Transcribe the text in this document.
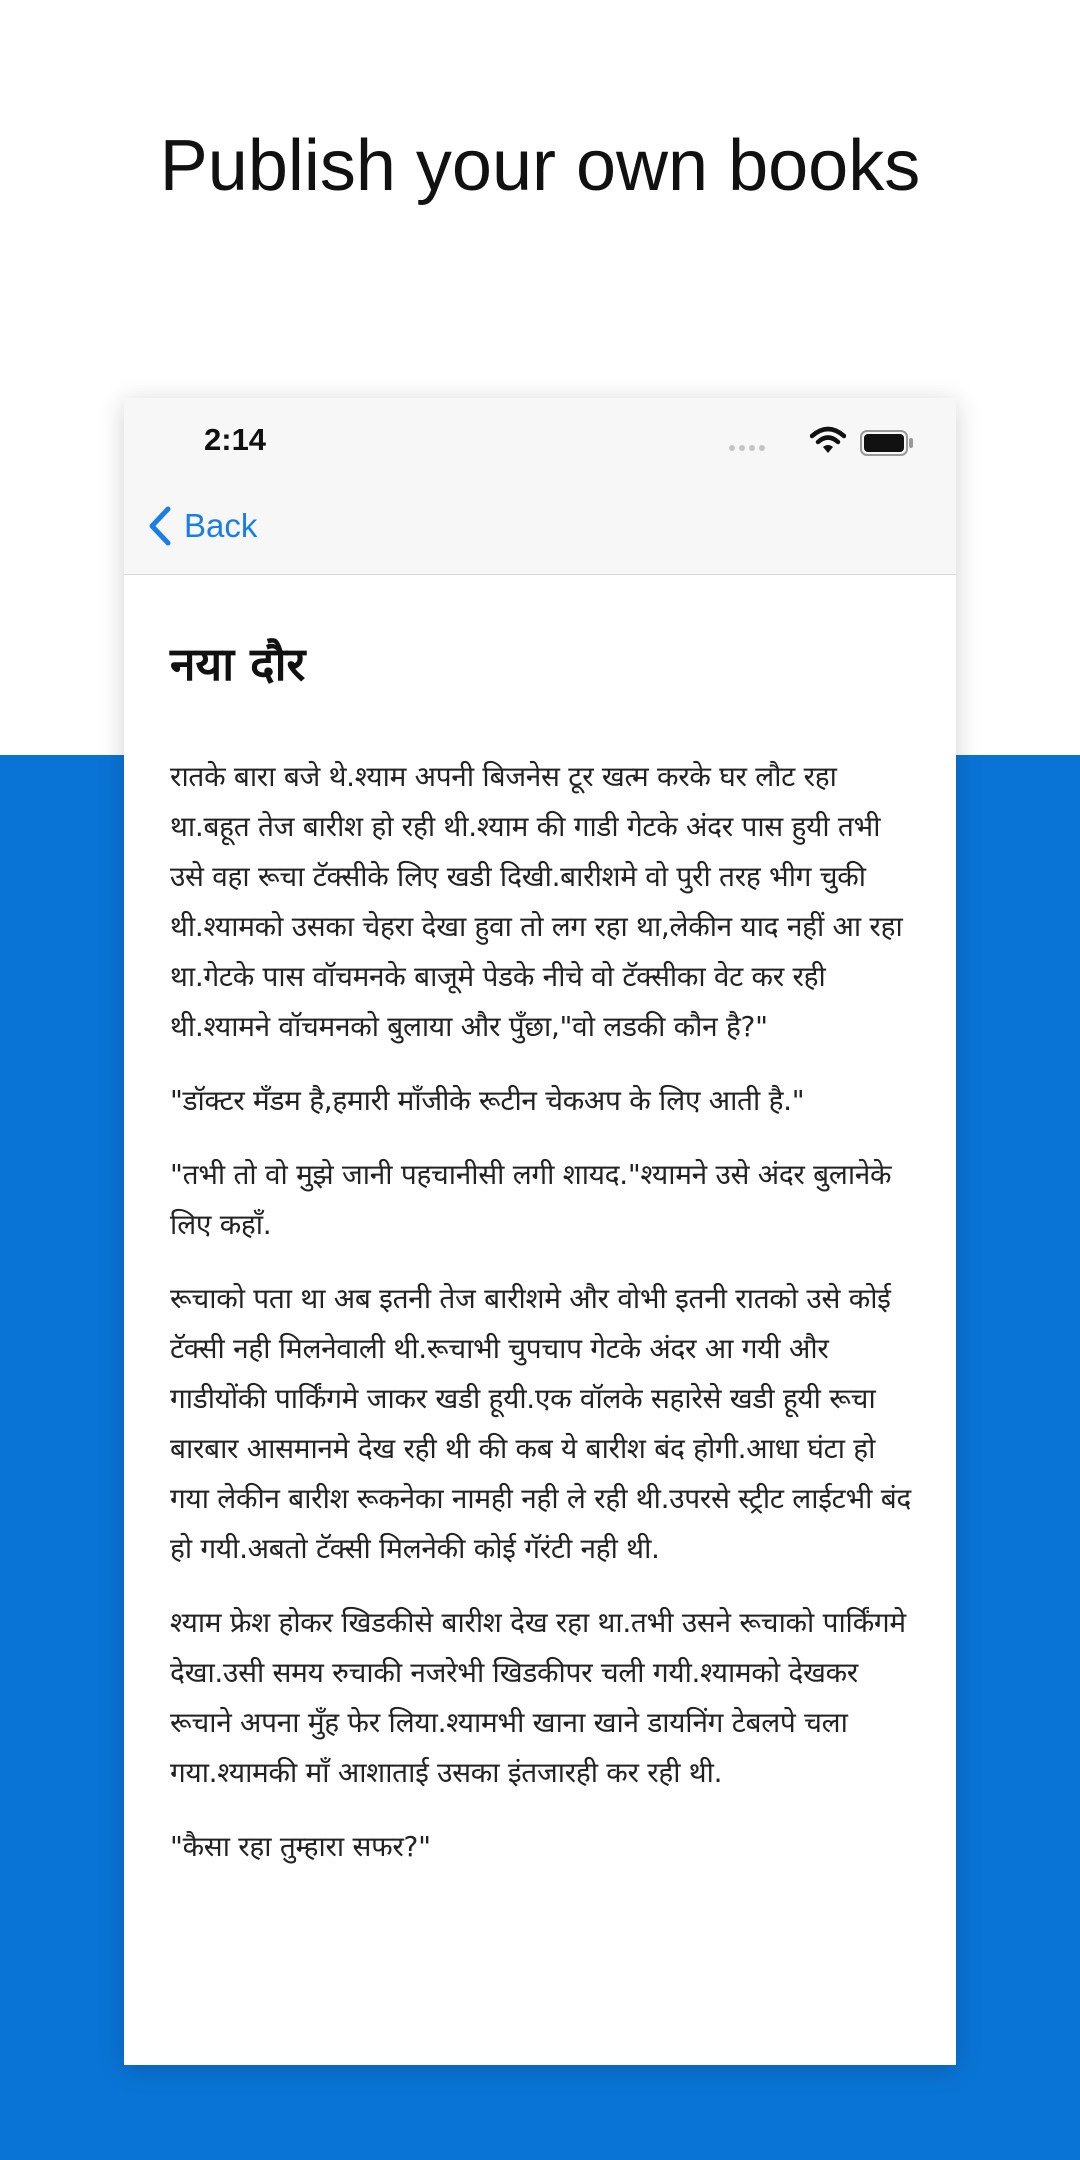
Publish your own books
2:14
Back
नया दौर

रातके बारा बजे थे.श्याम अपनी बिजनेस टूर खत्म करके घर लौट रहा था.बहूत तेज बारीश हो रही थी.श्याम की गाडी गेटके अंदर पास हुयी तभी उसे वहा रूचा टॅक्सीके लिए खडी दिखी.बारीशमे वो पुरी तरह भीग चुकी थी.श्यामको उसका चेहरा देखा हुवा तो लग रहा था,लेकीन याद नहीं आ रहा था.गेटके पास वॉचमनके बाजूमे पेडके नीचे वो टॅक्सीका वेट कर रही थी.श्यामने वॉचमनको बुलाया और पुँछा,"वो लडकी कौन है?"

"डॉक्टर मॅंडम है,हमारी माँजीके रूटीन चेकअप के लिए आती है."

"तभी तो वो मुझे जानी पहचानीसी लगी शायद."श्यामने उसे अंदर बुलानेके लिए कहाँ.

रूचाको पता था अब इतनी तेज बारीशमे और वोभी इतनी रातको उसे कोई टॅक्सी नही मिलनेवाली थी.रूचाभी चुपचाप गेटके अंदर आ गयी और गाडीयोंकी पार्किंगमे जाकर खडी हूयी.एक वॉलके सहारेसे खडी हूयी रूचा बारबार आसमानमे देख रही थी की कब ये बारीश बंद होगी.आधा घंटा हो गया लेकीन बारीश रूकनेका नामही नही ले रही थी.उपरसे स्ट्रीट लाईटभी बंद हो गयी.अबतो टॅक्सी मिलनेकी कोई गॅरंटी नही थी.

श्याम फ्रेश होकर खिडकीसे बारीश देख रहा था.तभी उसने रूचाको पार्किंगमे देखा.उसी समय रुचाकी नजरेभी खिडकीपर चली गयी.श्यामको देखकर रूचाने अपना मुँह फेर लिया.श्यामभी खाना खाने डायनिंग टेबलपे चला गया.श्यामकी माँ आशाताई उसका इंतजारही कर रही थी.

"कैसा रहा तुम्हारा सफर?"
